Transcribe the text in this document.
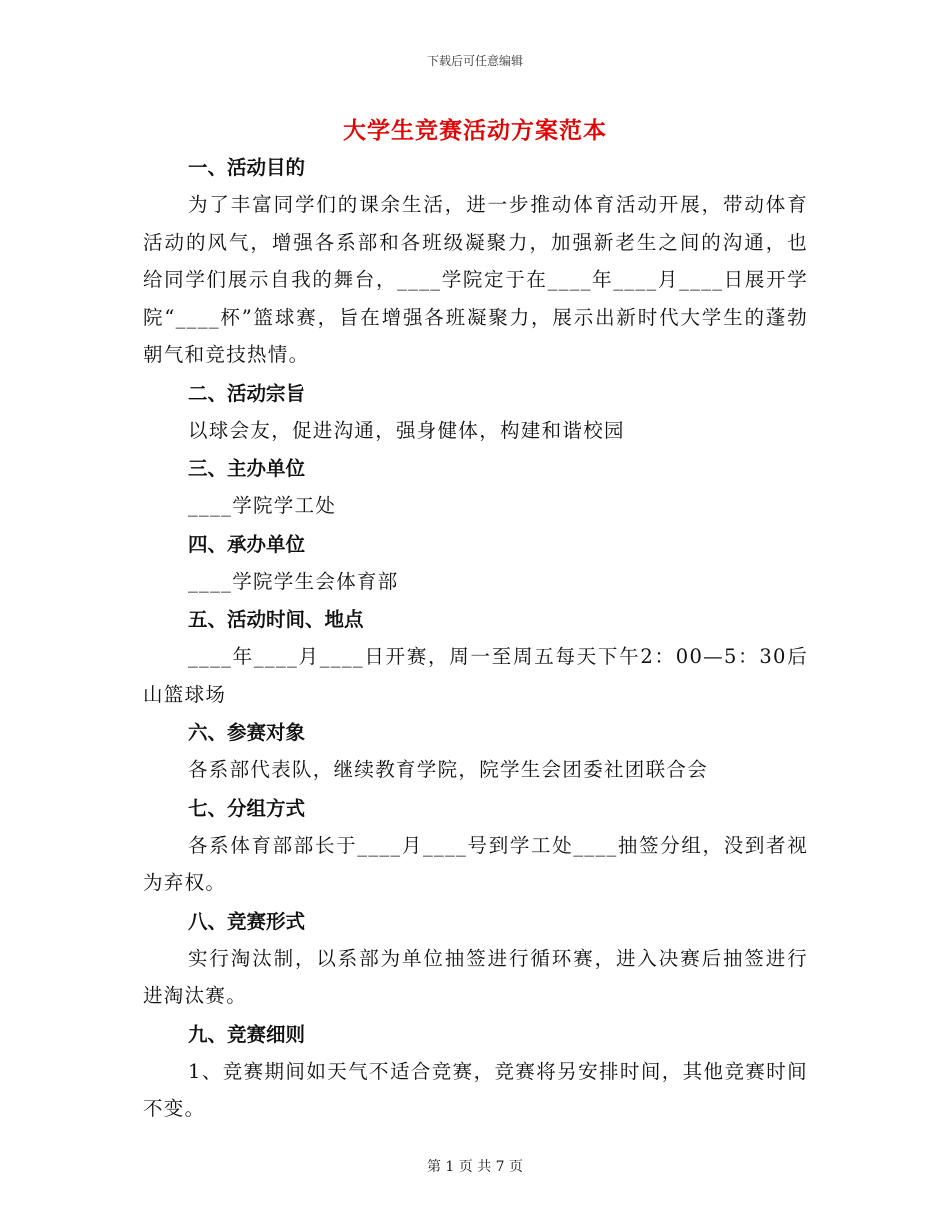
下载后可任意编辑
大学生竞赛活动方案范本
一、活动目的
为了丰富同学们的课余生活，进一步推动体育活动开展，带动体育活动的风气，增强各系部和各班级凝聚力，加强新老生之间的沟通，也给同学们展示自我的舞台，____学院定于在____年____月____日展开学院“____杯”篮球赛，旨在增强各班凝聚力，展示出新时代大学生的蓬勃朝气和竞技热情。
二、活动宗旨
以球会友，促进沟通，强身健体，构建和谐校园
三、主办单位
____学院学工处
四、承办单位
____学院学生会体育部
五、活动时间、地点
____年____月____日开赛，周一至周五每天下午2：00—5：30后山篮球场
六、参赛对象
各系部代表队，继续教育学院，院学生会团委社团联合会
七、分组方式
各系体育部部长于____月____号到学工处____抽签分组，没到者视为弃权。
八、竞赛形式
实行淘汰制，以系部为单位抽签进行循环赛，进入决赛后抽签进行进淘汰赛。
九、竞赛细则
1、竞赛期间如天气不适合竞赛，竞赛将另安排时间，其他竞赛时间不变。
第 1 页 共 7 页
